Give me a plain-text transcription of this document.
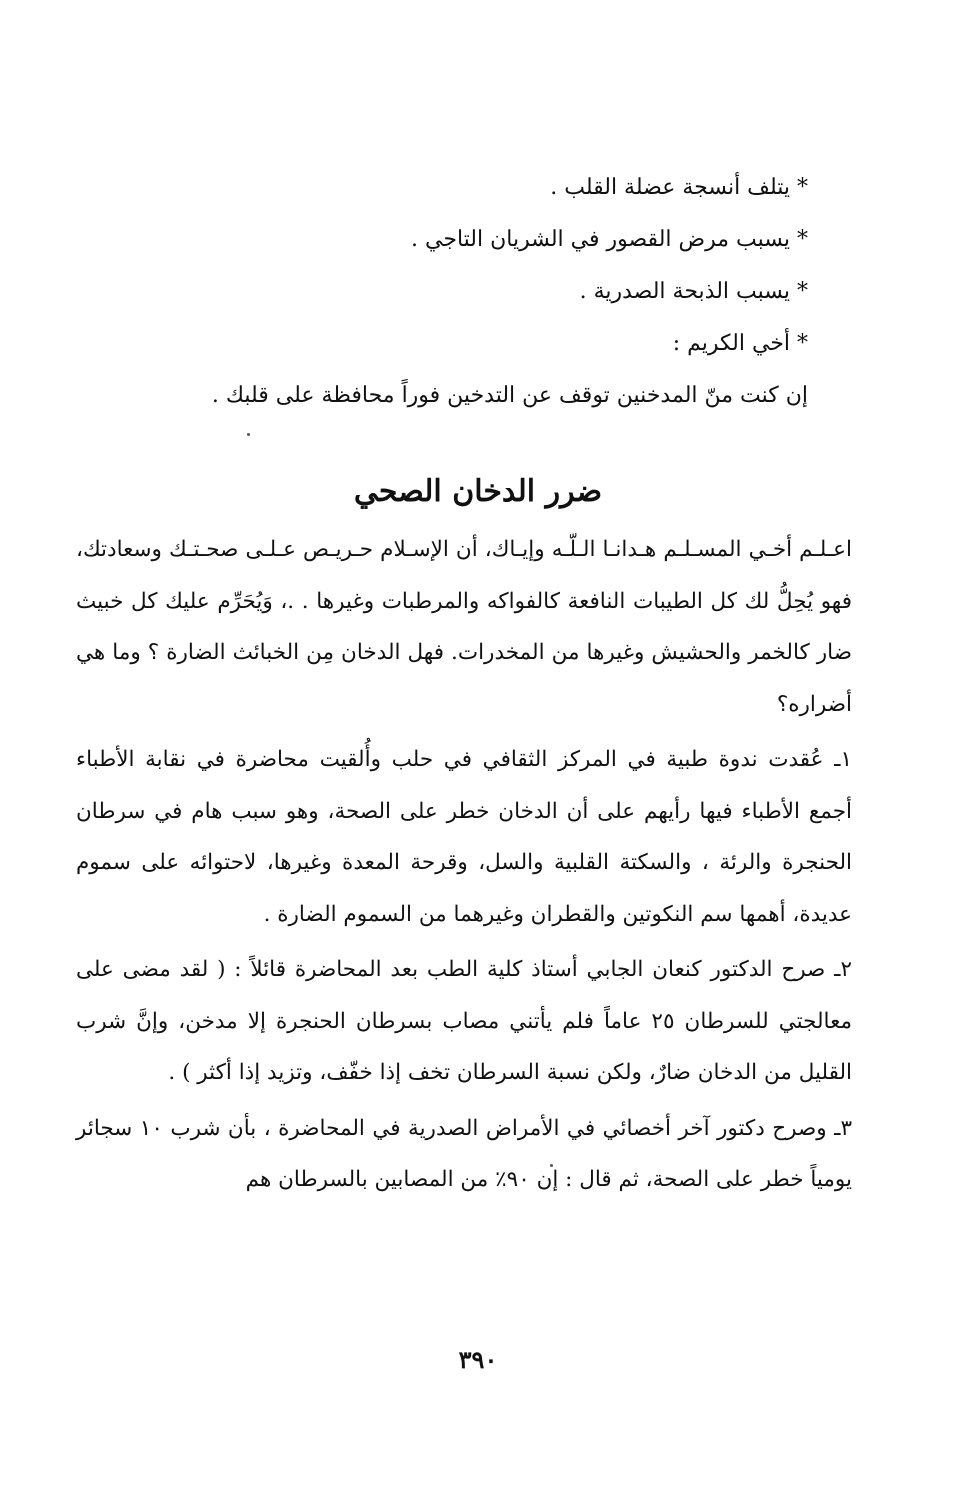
* يتلف أنسجة عضلة القلب .
* يسبب مرض القصور في الشريان التاجي .
* يسبب الذبحة الصدرية .
* أخي الكريم :
إن كنت منّ المدخنين توقف عن التدخين فوراً محافظة على قلبك .
ضرر الدخان الصحي

اعـلـم أخـي المسـلـم هـدانـا الـلّـه وإيـاك، أن الإسـلام حـريـص عـلـى صحـتـك وسعادتك، فهو يُحِلُّ لك كل الطيبات النافعة كالفواكه والمرطبات وغيرها . .، وَيُحَرِّم عليك كل خبيث ضار كالخمر والحشيش وغيرها من المخدرات. فهل الدخان مِن الخبائث الضارة ؟ وما هي أضراره؟

١ـ عُقدت ندوة طبية في المركز الثقافي في حلب وأُلقيت محاضرة في نقابة الأطباء أجمع الأطباء فيها رأيهم على أن الدخان خطر على الصحة، وهو سبب هام في سرطان الحنجرة والرئة ، والسكتة القلبية والسل، وقرحة المعدة وغيرها، لاحتوائه على سموم عديدة، أهمها سم النكوتين والقطران وغيرهما من السموم الضارة .

٢ـ صرح الدكتور كنعان الجابي أستاذ كلية الطب بعد المحاضرة قائلاً : ( لقد مضى على معالجتي للسرطان ٢٥ عاماً فلم يأتني مصاب بسرطان الحنجرة إلا مدخن، وإنَّ شرب القليل من الدخان ضارٌ، ولكن نسبة السرطان تخف إذا خفّف، وتزيد إذا أكثر ) .

٣ـ وصرح دكتور آخر أخصائي في الأمراض الصدرية في المحاضرة ، بأن شرب ١٠ سجائر يومياً خطر على الصحة، ثم قال : إن ٩٠٪ من المصابين بالسرطان هم

٣٩٠
